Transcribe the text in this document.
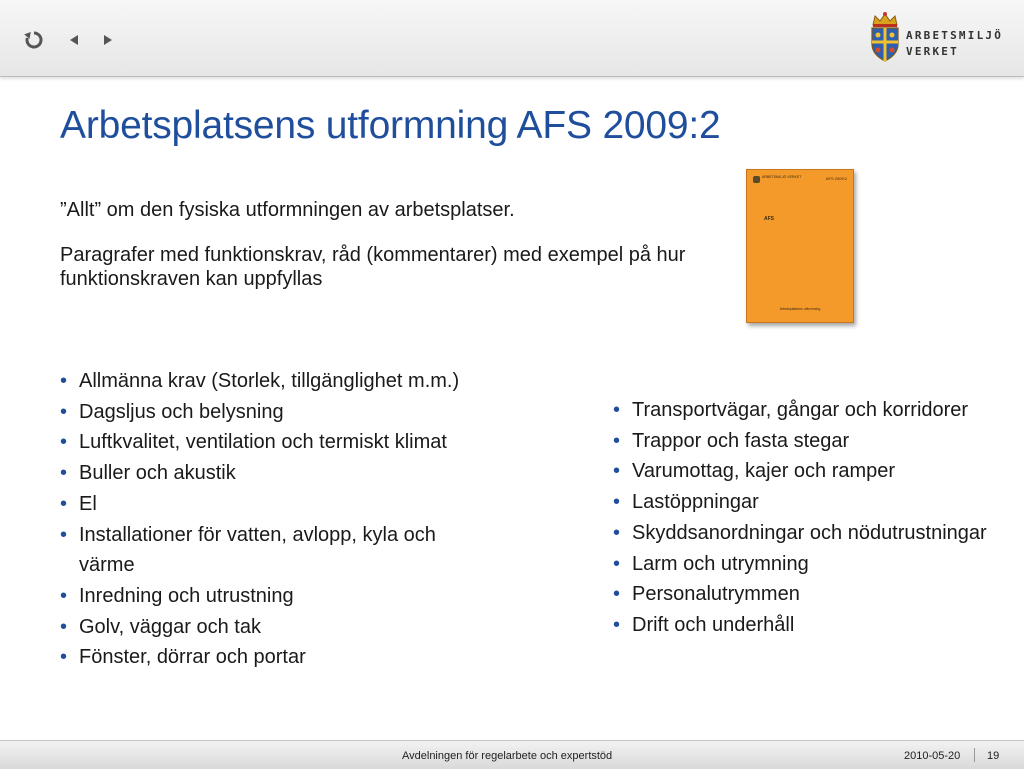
ARBETSMILJÖ
VERKET
Arbetsplatsens utformning AFS 2009:2
”Allt” om den fysiska utformningen av arbetsplatser.
Paragrafer med funktionskrav, råd (kommentarer) med exempel på hur funktionskraven kan uppfyllas
ARBETSMILJÖ VERKET	AFS 2009:2
AFS
Arbetsplatsens utformning
• Allmänna krav (Storlek, tillgänglighet m.m.)
• Dagsljus och belysning
• Luftkvalitet, ventilation och termiskt klimat
• Buller och akustik
• El
• Installationer för vatten, avlopp, kyla och värme
• Inredning och utrustning
• Golv, väggar och tak
• Fönster, dörrar och portar
• Transportvägar, gångar och korridorer
• Trappor och fasta stegar
• Varumottag, kajer och ramper
• Lastöppningar
• Skyddsanordningar och nödutrustningar
• Larm och utrymning
• Personalutrymmen
• Drift och underhåll
Avdelningen för regelarbete och expertstöd	2010-05-20 19
